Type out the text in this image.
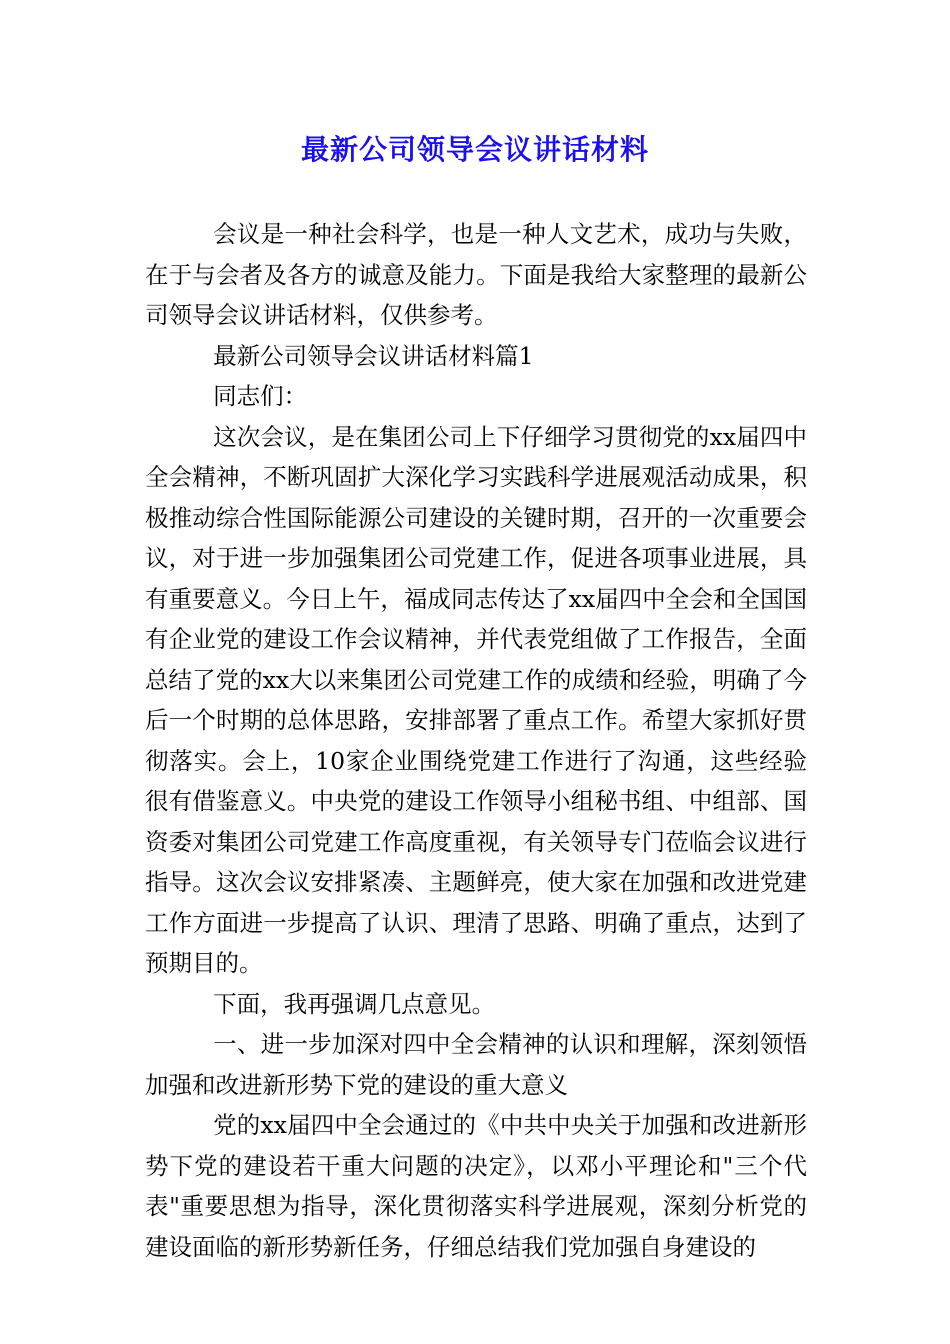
最新公司领导会议讲话材料

会议是一种社会科学，也是一种人文艺术，成功与失败，在于与会者及各方的诚意及能力。下面是我给大家整理的最新公司领导会议讲话材料，仅供参考。

最新公司领导会议讲话材料篇1

同志们：

这次会议，是在集团公司上下仔细学习贯彻党的xx届四中全会精神，不断巩固扩大深化学习实践科学进展观活动成果，积极推动综合性国际能源公司建设的关键时期，召开的一次重要会议，对于进一步加强集团公司党建工作，促进各项事业进展，具有重要意义。今日上午，福成同志传达了xx届四中全会和全国国有企业党的建设工作会议精神，并代表党组做了工作报告，全面总结了党的xx大以来集团公司党建工作的成绩和经验，明确了今后一个时期的总体思路，安排部署了重点工作。希望大家抓好贯彻落实。会上，10家企业围绕党建工作进行了沟通，这些经验很有借鉴意义。中央党的建设工作领导小组秘书组、中组部、国资委对集团公司党建工作高度重视，有关领导专门莅临会议进行指导。这次会议安排紧凑、主题鲜亮，使大家在加强和改进党建工作方面进一步提高了认识、理清了思路、明确了重点，达到了预期目的。

下面，我再强调几点意见。

一、进一步加深对四中全会精神的认识和理解，深刻领悟加强和改进新形势下党的建设的重大意义

党的xx届四中全会通过的《中共中央关于加强和改进新形势下党的建设若干重大问题的决定》，以邓小平理论和"三个代表"重要思想为指导，深化贯彻落实科学进展观，深刻分析党的建设面临的新形势新任务，仔细总结我们党加强自身建设的
